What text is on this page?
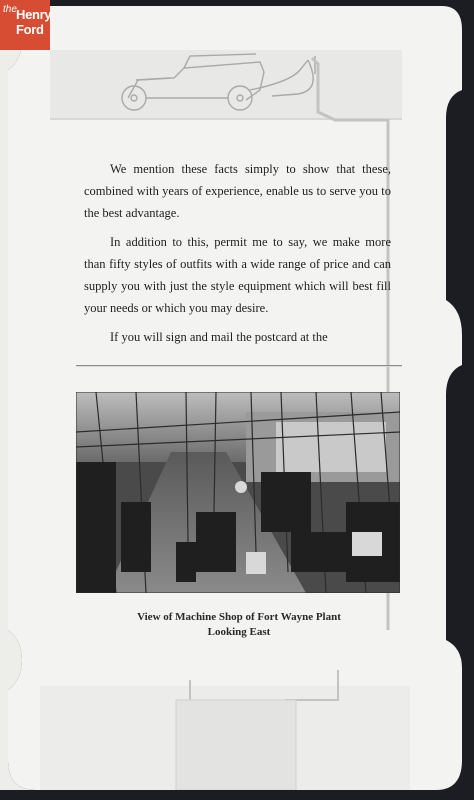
the Henry
Ford

We mention these facts simply to show that these, combined with years of experience, enable us to serve you to the best advantage.

In addition to this, permit me to say, we make more than fifty styles of outfits with a wide range of price and can supply you with just the style equipment which will best fill your needs or which you may desire.

If you will sign and mail the postcard at the

View of Machine Shop of Fort Wayne Plant
Looking East
